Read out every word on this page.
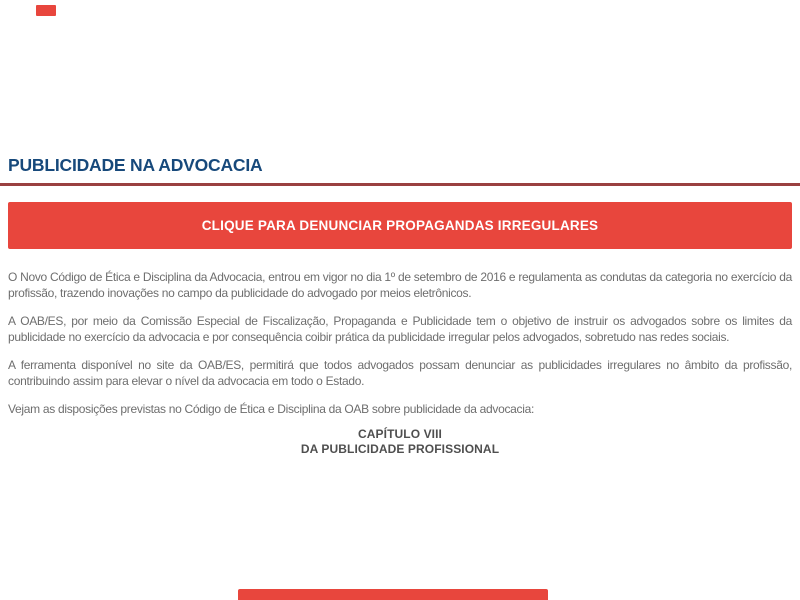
PUBLICIDADE NA ADVOCACIA
CLIQUE PARA DENUNCIAR PROPAGANDAS IRREGULARES

O Novo Código de Ética e Disciplina da Advocacia, entrou em vigor no dia 1º de setembro de 2016 e regulamenta as condutas da categoria no exercício da profissão, trazendo inovações no campo da publicidade do advogado por meios eletrônicos.

A OAB/ES, por meio da Comissão Especial de Fiscalização, Propaganda e Publicidade tem o objetivo de instruir os advogados sobre os limites da publicidade no exercício da advocacia e por consequência coibir prática da publicidade irregular pelos advogados, sobretudo nas redes sociais.

A ferramenta disponível no site da OAB/ES, permitirá que todos advogados possam denunciar as publicidades irregulares no âmbito da profissão, contribuindo assim para elevar o nível da advocacia em todo o Estado.

Vejam as disposições previstas no Código de Ética e Disciplina da OAB sobre publicidade da advocacia:

CAPÍTULO VIII
DA PUBLICIDADE PROFISSIONAL
